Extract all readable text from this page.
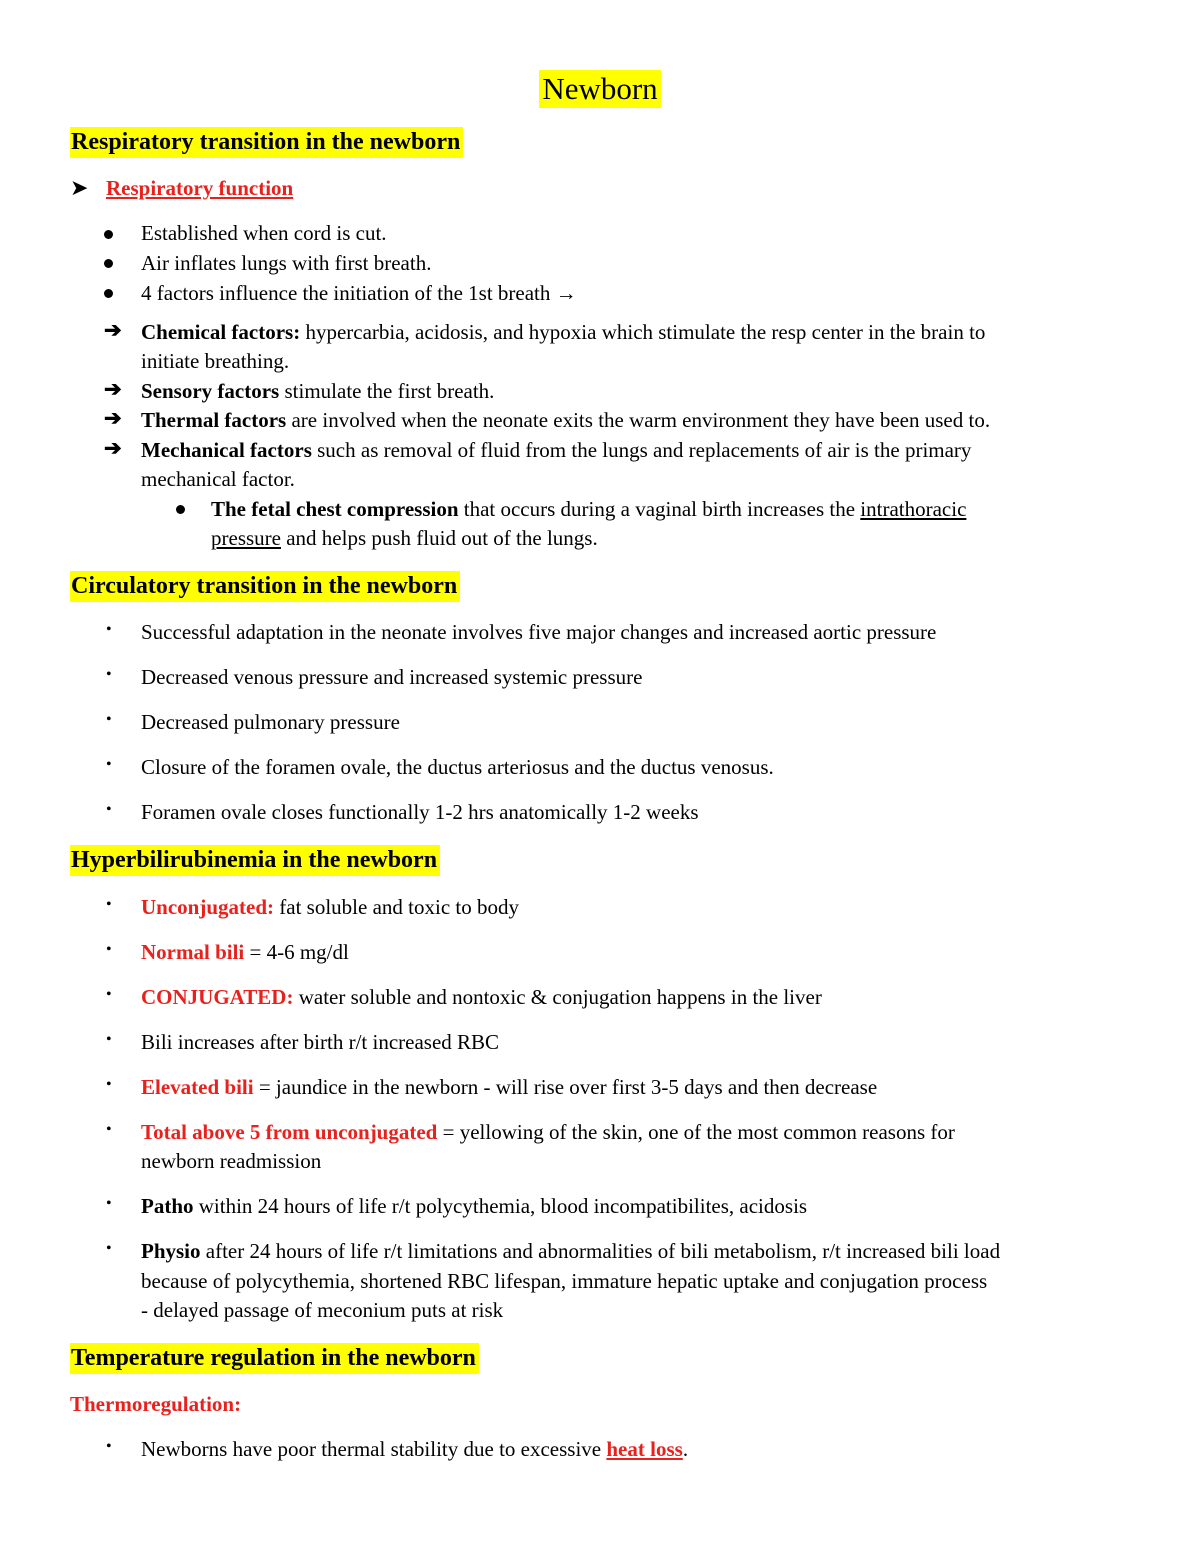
Newborn
Respiratory transition in the newborn
➤ Respiratory function
Established when cord is cut.
Air inflates lungs with first breath.
4 factors influence the initiation of the 1st breath →
➔ Chemical factors: hypercarbia, acidosis, and hypoxia which stimulate the resp center in the brain to
initiate breathing.
➔ Sensory factors stimulate the first breath.
➔ Thermal factors are involved when the neonate exits the warm environment they have been used to.
➔ Mechanical factors such as removal of fluid from the lungs and replacements of air is the primary
mechanical factor.
The fetal chest compression that occurs during a vaginal birth increases the intrathoracic
pressure and helps push fluid out of the lungs.
Circulatory transition in the newborn
• Successful adaptation in the neonate involves five major changes and increased aortic pressure
• Decreased venous pressure and increased systemic pressure
• Decreased pulmonary pressure
• Closure of the foramen ovale, the ductus arteriosus and the ductus venosus.
• Foramen ovale closes functionally 1-2 hrs anatomically 1-2 weeks
Hyperbilirubinemia in the newborn
• Unconjugated: fat soluble and toxic to body
• Normal bili = 4-6 mg/dl
• CONJUGATED: water soluble and nontoxic & conjugation happens in the liver
• Bili increases after birth r/t increased RBC
• Elevated bili = jaundice in the newborn - will rise over first 3-5 days and then decrease
• Total above 5 from unconjugated = yellowing of the skin, one of the most common reasons for
newborn readmission
• Patho within 24 hours of life r/t polycythemia, blood incompatibilites, acidosis
• Physio after 24 hours of life r/t limitations and abnormalities of bili metabolism, r/t increased bili load
because of polycythemia, shortened RBC lifespan, immature hepatic uptake and conjugation process
- delayed passage of meconium puts at risk
Temperature regulation in the newborn
Thermoregulation:
• Newborns have poor thermal stability due to excessive heat loss.
